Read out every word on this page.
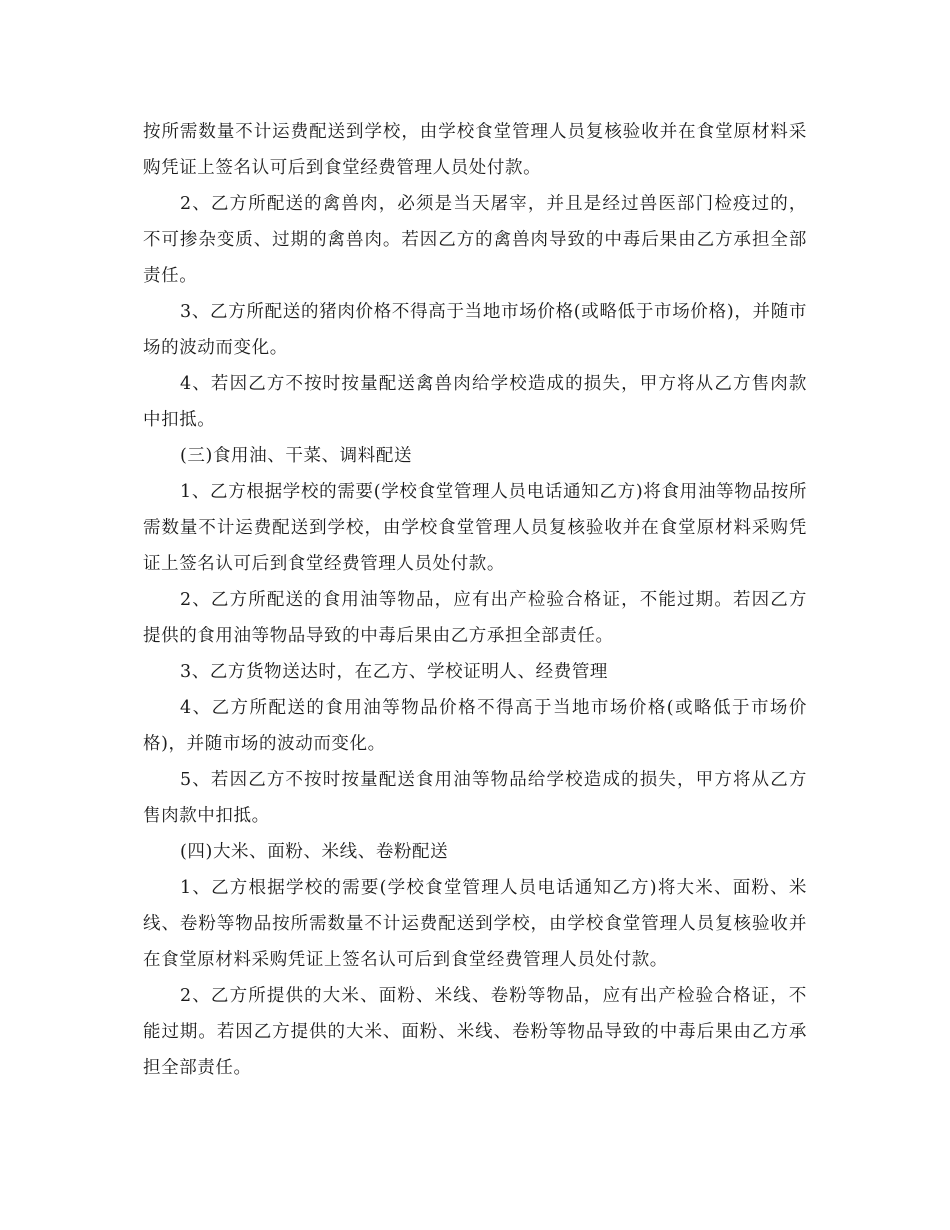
按所需数量不计运费配送到学校，由学校食堂管理人员复核验收并在食堂原材料采购凭证上签名认可后到食堂经费管理人员处付款。

2、乙方所配送的禽兽肉，必须是当天屠宰，并且是经过兽医部门检疫过的，不可掺杂变质、过期的禽兽肉。若因乙方的禽兽肉导致的中毒后果由乙方承担全部责任。

3、乙方所配送的猪肉价格不得高于当地市场价格(或略低于市场价格)，并随市场的波动而变化。

4、若因乙方不按时按量配送禽兽肉给学校造成的损失，甲方将从乙方售肉款中扣抵。

(三)食用油、干菜、调料配送

1、乙方根据学校的需要(学校食堂管理人员电话通知乙方)将食用油等物品按所需数量不计运费配送到学校，由学校食堂管理人员复核验收并在食堂原材料采购凭证上签名认可后到食堂经费管理人员处付款。

2、乙方所配送的食用油等物品，应有出产检验合格证，不能过期。若因乙方提供的食用油等物品导致的中毒后果由乙方承担全部责任。

3、乙方货物送达时，在乙方、学校证明人、经费管理

4、乙方所配送的食用油等物品价格不得高于当地市场价格(或略低于市场价格)，并随市场的波动而变化。

5、若因乙方不按时按量配送食用油等物品给学校造成的损失，甲方将从乙方售肉款中扣抵。

(四)大米、面粉、米线、卷粉配送

1、乙方根据学校的需要(学校食堂管理人员电话通知乙方)将大米、面粉、米线、卷粉等物品按所需数量不计运费配送到学校，由学校食堂管理人员复核验收并在食堂原材料采购凭证上签名认可后到食堂经费管理人员处付款。

2、乙方所提供的大米、面粉、米线、卷粉等物品，应有出产检验合格证，不能过期。若因乙方提供的大米、面粉、米线、卷粉等物品导致的中毒后果由乙方承担全部责任。
